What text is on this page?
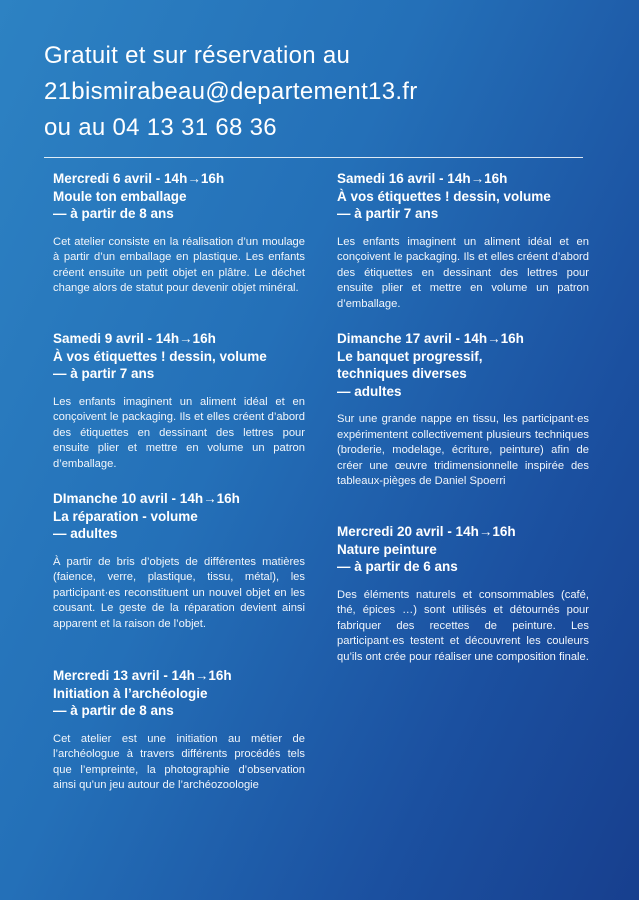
Gratuit et sur réservation au
21bismirabeau@departement13.fr
ou au 04 13 31 68 36
Mercredi 6 avril - 14h→16h
Moule ton emballage
— à partir de 8 ans
Cet atelier consiste en la réalisation d’un moulage à partir d’un emballage en plastique. Les enfants créent ensuite un petit objet en plâtre. Le déchet change alors de statut pour devenir objet minéral.
Samedi 9 avril - 14h→16h
À vos étiquettes ! dessin, volume
— à partir 7 ans
Les enfants imaginent un aliment idéal et en conçoivent le packaging. Ils et elles créent d’abord des étiquettes en dessinant des lettres pour ensuite plier et mettre en volume un patron d’emballage.
DImanche 10 avril - 14h→16h
La réparation - volume
— adultes
À partir de bris d’objets de différentes matières (faience, verre, plastique, tissu, métal), les participant·es reconstituent un nouvel objet en les cousant. Le geste de la réparation devient ainsi apparent et la raison de l’objet.
Mercredi 13 avril - 14h→16h
Initiation à l’archéologie
— à partir de 8 ans
Cet atelier est une initiation au métier de l’archéologue à travers différents procédés tels que l’empreinte, la photographie d’observation ainsi qu’un jeu autour de l’archéozoologie
Samedi 16 avril - 14h→16h
À vos étiquettes ! dessin, volume
— à partir 7 ans
Les enfants imaginent un aliment idéal et en conçoivent le packaging. Ils et elles créent d’abord des étiquettes en dessinant des lettres pour ensuite plier et mettre en volume un patron d’emballage.
Dimanche 17 avril - 14h→16h
Le banquet progressif,
techniques diverses
— adultes
Sur une grande nappe en tissu, les participant·es expérimentent collectivement plusieurs techniques (broderie, modelage, écriture, peinture) afin de créer une œuvre tridimensionnelle inspirée des tableaux-pièges de Daniel Spoerri
Mercredi 20 avril - 14h→16h
Nature peinture
— à partir de 6 ans
Des éléments naturels et consommables (café, thé, épices …) sont utilisés et détournés pour fabriquer des recettes de peinture. Les participant·es testent et découvrent les couleurs qu’ils ont crée pour réaliser une composition finale.
